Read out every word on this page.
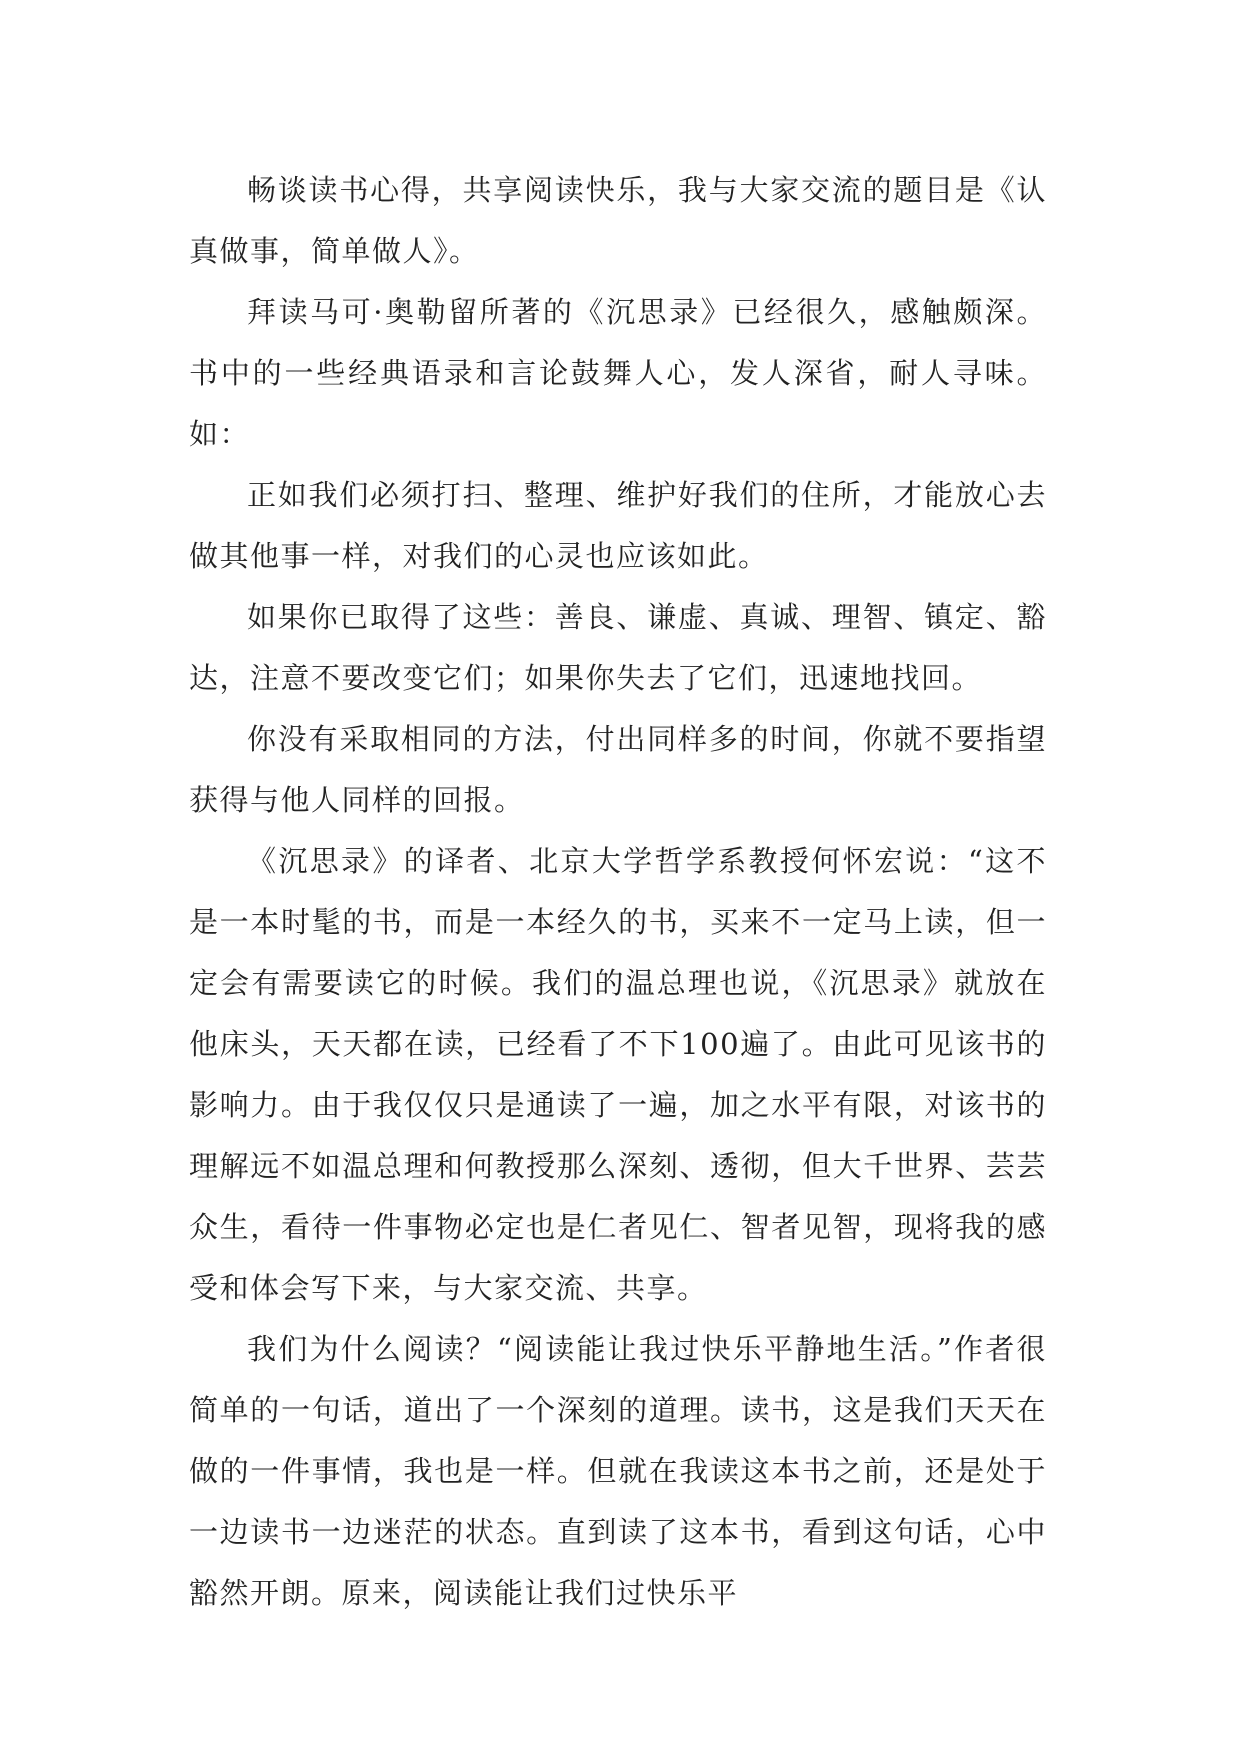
畅谈读书心得，共享阅读快乐，我与大家交流的题目是《认真做事，简单做人》。

拜读马可·奥勒留所著的《沉思录》已经很久，感触颇深。书中的一些经典语录和言论鼓舞人心，发人深省，耐人寻味。如：

正如我们必须打扫、整理、维护好我们的住所，才能放心去做其他事一样，对我们的心灵也应该如此。

如果你已取得了这些：善良、谦虚、真诚、理智、镇定、豁达，注意不要改变它们；如果你失去了它们，迅速地找回。

你没有采取相同的方法，付出同样多的时间，你就不要指望获得与他人同样的回报。

《沉思录》的译者、北京大学哲学系教授何怀宏说：“这不是一本时髦的书，而是一本经久的书，买来不一定马上读，但一定会有需要读它的时候。我们的温总理也说，《沉思录》就放在他床头，天天都在读，已经看了不下100遍了。由此可见该书的影响力。由于我仅仅只是通读了一遍，加之水平有限，对该书的理解远不如温总理和何教授那么深刻、透彻，但大千世界、芸芸众生，看待一件事物必定也是仁者见仁、智者见智，现将我的感受和体会写下来，与大家交流、共享。

我们为什么阅读？“阅读能让我过快乐平静地生活。”作者很简单的一句话，道出了一个深刻的道理。读书，这是我们天天在做的一件事情，我也是一样。但就在我读这本书之前，还是处于一边读书一边迷茫的状态。直到读了这本书，看到这句话，心中豁然开朗。原来，阅读能让我们过快乐平
